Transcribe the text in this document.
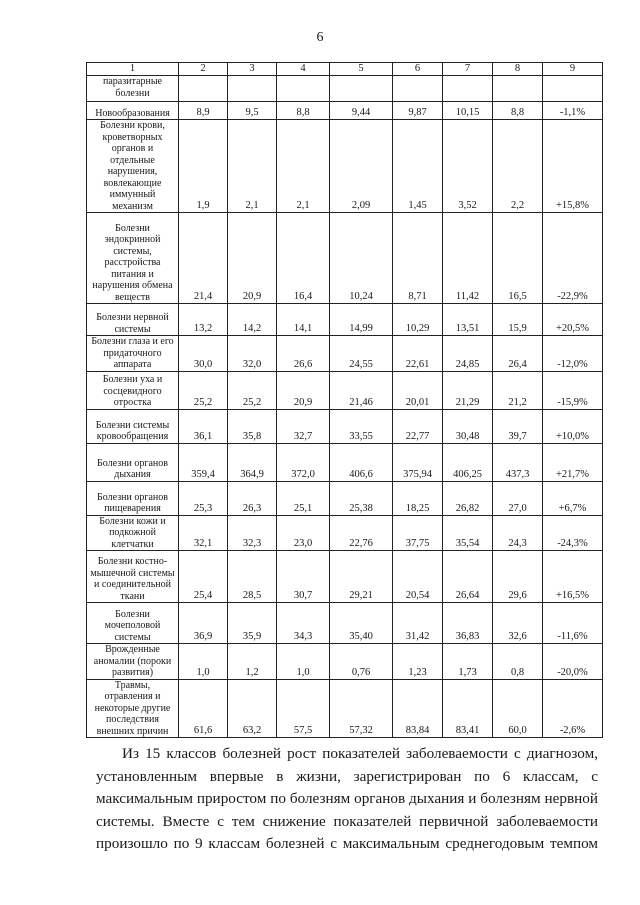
6
1	2	3	4	5	6	7	8	9
паразитарные болезни								
Новообразования	8,9	9,5	8,8	9,44	9,87	10,15	8,8	-1,1%
Болезни крови, кроветворных органов и отдельные нарушения, вовлекающие иммунный механизм	1,9	2,1	2,1	2,09	1,45	3,52	2,2	+15,8%
Болезни эндокринной системы, расстройства питания и нарушения обмена веществ	21,4	20,9	16,4	10,24	8,71	11,42	16,5	-22,9%
Болезни нервной системы	13,2	14,2	14,1	14,99	10,29	13,51	15,9	+20,5%
Болезни глаза и его придаточного аппарата	30,0	32,0	26,6	24,55	22,61	24,85	26,4	-12,0%
Болезни уха и сосцевидного отростка	25,2	25,2	20,9	21,46	20,01	21,29	21,2	-15,9%
Болезни системы кровообращения	36,1	35,8	32,7	33,55	22,77	30,48	39,7	+10,0%
Болезни органов дыхания	359,4	364,9	372,0	406,6	375,94	406,25	437,3	+21,7%
Болезни органов пищеварения	25,3	26,3	25,1	25,38	18,25	26,82	27,0	+6,7%
Болезни кожи и подкожной клетчатки	32,1	32,3	23,0	22,76	37,75	35,54	24,3	-24,3%
Болезни костно-мышечной системы и соединительной ткани	25,4	28,5	30,7	29,21	20,54	26,64	29,6	+16,5%
Болезни мочеполовой системы	36,9	35,9	34,3	35,40	31,42	36,83	32,6	-11,6%
Врожденные аномалии (пороки развития)	1,0	1,2	1,0	0,76	1,23	1,73	0,8	-20,0%
Травмы, отравления и некоторые другие последствия внешних причин	61,6	63,2	57,5	57,32	83,84	83,41	60,0	-2,6%
Из 15 классов болезней рост показателей заболеваемости с диагнозом,
установленным впервые в жизни, зарегистрирован по 6 классам, с
максимальным приростом по болезням органов дыхания и болезням нервной
системы. Вместе с тем снижение показателей первичной заболеваемости
произошло по 9 классам болезней с максимальным среднегодовым темпом
